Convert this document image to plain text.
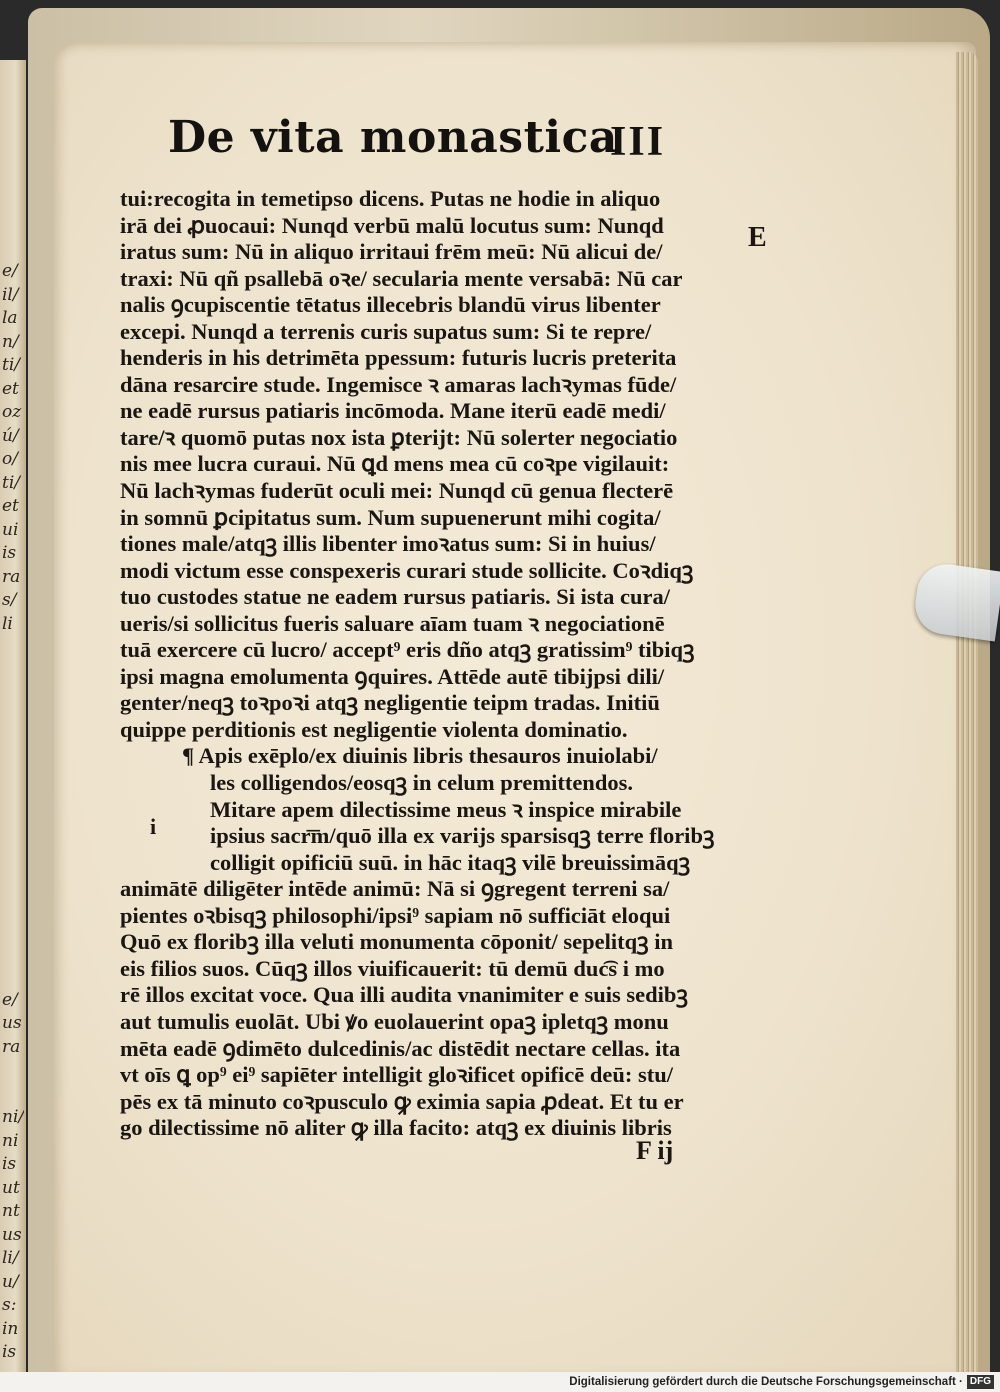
e/
il/
la
n/
ti/
et
oz
ú/
o/
ti/
et
ui
is
ra
s/
li
e/
us
ra
ni/
ni
is
ut
nt
us
li/
u/
s:
in
is
De vita monastica
III
E
i
tui:recogita in temetipso dicens. Putas ne hodie in aliquo
irā dei ꝓuocaui: Nunqd verbū malū locutus sum: Nunqd
iratus sum: Nū in aliquo irritaui frēm meū: Nū alicui de/
traxi: Nū qñ psallebā oꝛe/ secularia mente versabā: Nū car
nalis ꝯcupiscentie tētatus illecebris blandū virus libenter
excepi. Nunqd a terrenis curis supatus sum: Si te repre/
henderis in his detrimēta ppessum: futuris lucris preterita
dāna resarcire stude. Ingemisce ꝛ amaras lachꝛymas fūde/
ne eadē rursus patiaris incōmoda. Mane iterū eadē medi/
tare/ꝛ quomō putas nox ista ꝑterijt: Nū solerter negociatio
nis mee lucra curaui. Nū ꝗd mens mea cū coꝛpe vigilauit:
Nū lachꝛymas fuderūt oculi mei: Nunqd cū genua flecterē
in somnū ꝑcipitatus sum. Num supuenerunt mihi cogita/
tiones male/atqꝫ illis libenter imoꝛatus sum: Si in huius/
modi victum esse conspexeris curari stude sollicite. Coꝛdiqꝫ
tuo custodes statue ne eadem rursus patiaris. Si ista cura/
ueris/si sollicitus fueris saluare aīam tuam ꝛ negociationē
tuā exercere cū lucro/ accept⁹ eris dño atqꝫ gratissim⁹ tibiqꝫ
ipsi magna emolumenta ꝯquires. Attēde autē tibijpsi dili/
genter/neqꝫ toꝛpoꝛi atqꝫ negligentie teipm tradas. Initiū
quippe perditionis est negligentie violenta dominatio.
¶ Apis exēplo/ex diuinis libris thesauros inuiolabi/
les colligendos/eosqꝫ in celum premittendos.
Mitare apem dilectissime meus ꝛ inspice mirabile
ipsius sacr͞m/quō illa ex varijs sparsisqꝫ terre floribꝫ
colligit opificiū suū. in hāc itaqꝫ vilē breuissimāqꝫ
animātē diligēter intēde animū: Nā si ꝯgregent terreni sa/
pientes oꝛbisqꝫ philosophi/ipsi⁹ sapiam nō sufficiāt eloqui
Quō ex floribꝫ illa veluti monumenta cōponit/ sepelitqꝫ in
eis filios suos. Cūqꝫ illos viuificauerit: tū demū duc͡s i mo
rē illos excitat voce. Qua illi audita vnanimiter e suis sedibꝫ
aut tumulis euolāt. Ubi ꝟo euolauerint opaꝫ ipletqꝫ monu
mēta eadē ꝯdimēto dulcedinis/ac distēdit nectare cellas. ita
vt oīs ꝗ op⁹ ei⁹ sapiēter intelligit gloꝛificet opificē deū: stu/
pēs ex tā minuto coꝛpusculo ꝙ eximia sapia ꝓdeat. Et tu er
go dilectissime nō aliter ꝙ illa facito: atqꝫ ex diuinis libris
F ij
Digitalisierung gefördert durch die Deutsche Forschungsgemeinschaft · DFG
